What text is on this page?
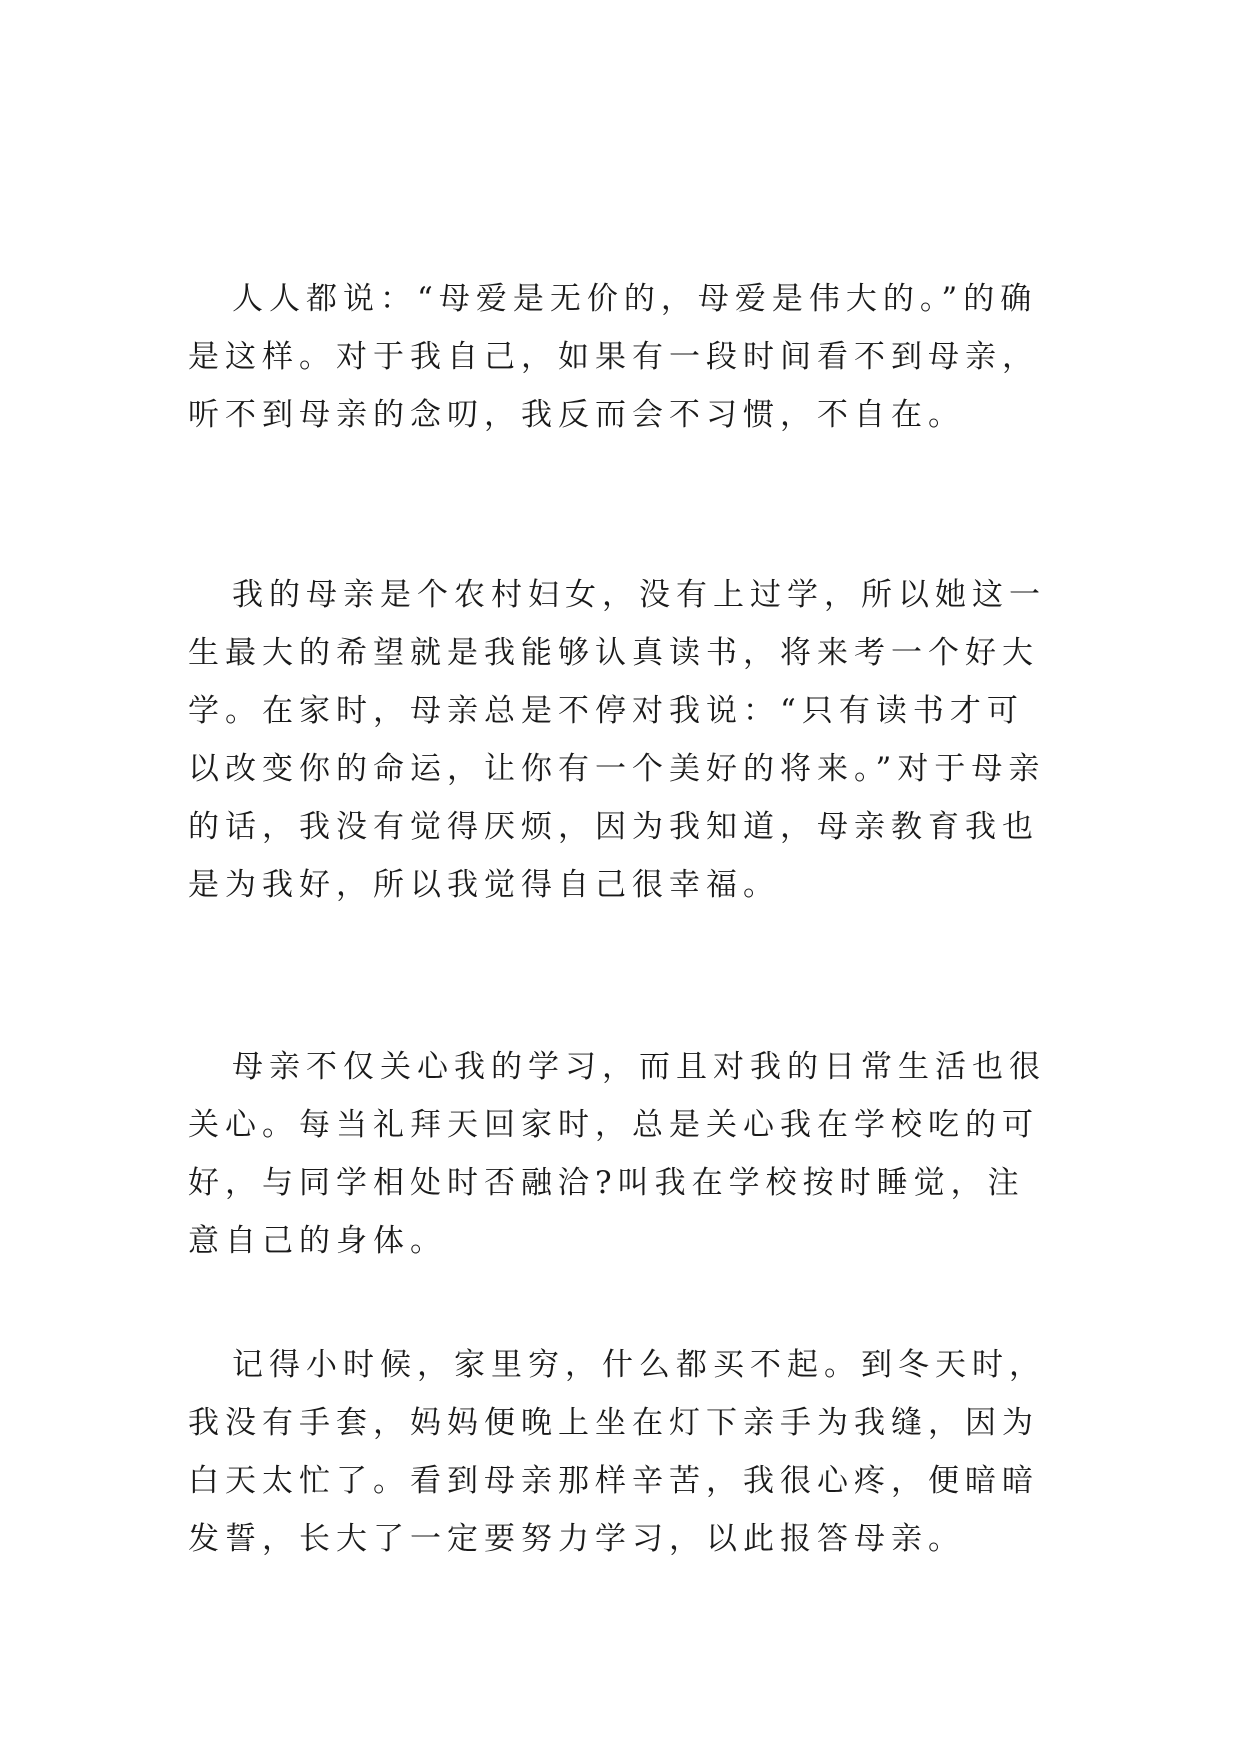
人人都说：“母爱是无价的，母爱是伟大的。”的确是这样。对于我自己，如果有一段时间看不到母亲，听不到母亲的念叨，我反而会不习惯，不自在。

我的母亲是个农村妇女，没有上过学，所以她这一生最大的希望就是我能够认真读书，将来考一个好大学。在家时，母亲总是不停对我说：“只有读书才可以改变你的命运，让你有一个美好的将来。”对于母亲的话，我没有觉得厌烦，因为我知道，母亲教育我也是为我好，所以我觉得自己很幸福。

母亲不仅关心我的学习，而且对我的日常生活也很关心。每当礼拜天回家时，总是关心我在学校吃的可好，与同学相处时否融洽?叫我在学校按时睡觉，注意自己的身体。

记得小时候，家里穷，什么都买不起。到冬天时，我没有手套，妈妈便晚上坐在灯下亲手为我缝，因为白天太忙了。看到母亲那样辛苦，我很心疼，便暗暗发誓，长大了一定要努力学习，以此报答母亲。
